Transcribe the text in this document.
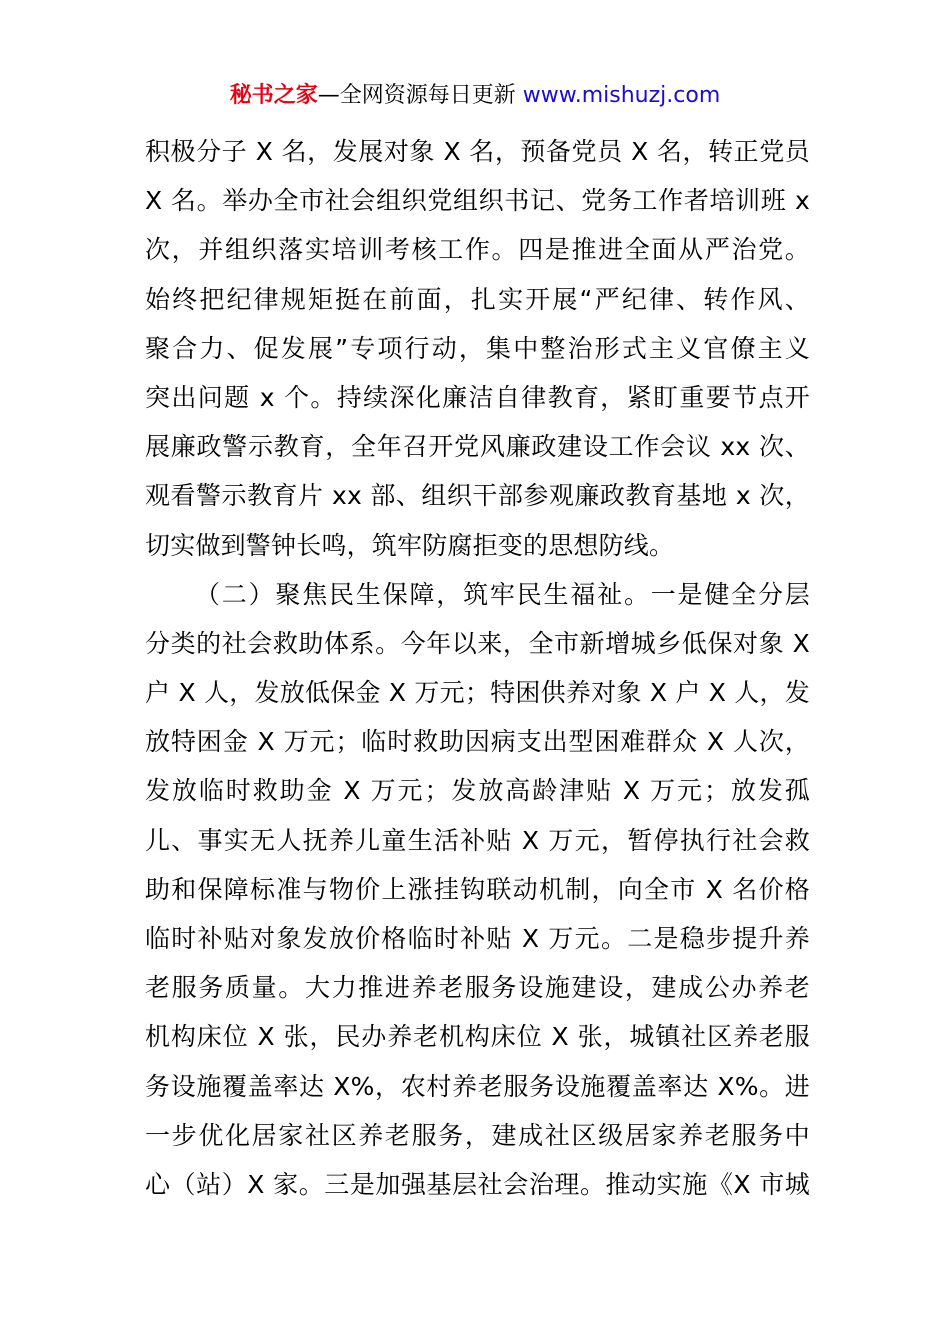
秘书之家—全网资源每日更新 www.mishuzj.com
积极分子 X 名，发展对象 X 名，预备党员 X 名，转正党员
X 名。举办全市社会组织党组织书记、党务工作者培训班 x
次，并组织落实培训考核工作。四是推进全面从严治党。
始终把纪律规矩挺在前面，扎实开展“严纪律、转作风、
聚合力、促发展”专项行动，集中整治形式主义官僚主义
突出问题 x 个。持续深化廉洁自律教育，紧盯重要节点开
展廉政警示教育，全年召开党风廉政建设工作会议 xx 次、
观看警示教育片 xx 部、组织干部参观廉政教育基地 x 次，
切实做到警钟长鸣，筑牢防腐拒变的思想防线。
（二）聚焦民生保障，筑牢民生福祉。一是健全分层
分类的社会救助体系。今年以来，全市新增城乡低保对象 X
户 X 人，发放低保金 X 万元；特困供养对象 X 户 X 人，发
放特困金 X 万元；临时救助因病支出型困难群众 X 人次，
发放临时救助金 X 万元；发放高龄津贴 X 万元；放发孤
儿、事实无人抚养儿童生活补贴 X 万元，暂停执行社会救
助和保障标准与物价上涨挂钩联动机制，向全市 X 名价格
临时补贴对象发放价格临时补贴 X 万元。二是稳步提升养
老服务质量。大力推进养老服务设施建设，建成公办养老
机构床位 X 张，民办养老机构床位 X 张，城镇社区养老服
务设施覆盖率达 X%，农村养老服务设施覆盖率达 X%。进
一步优化居家社区养老服务，建成社区级居家养老服务中
心（站）X 家。三是加强基层社会治理。推动实施《X 市城
